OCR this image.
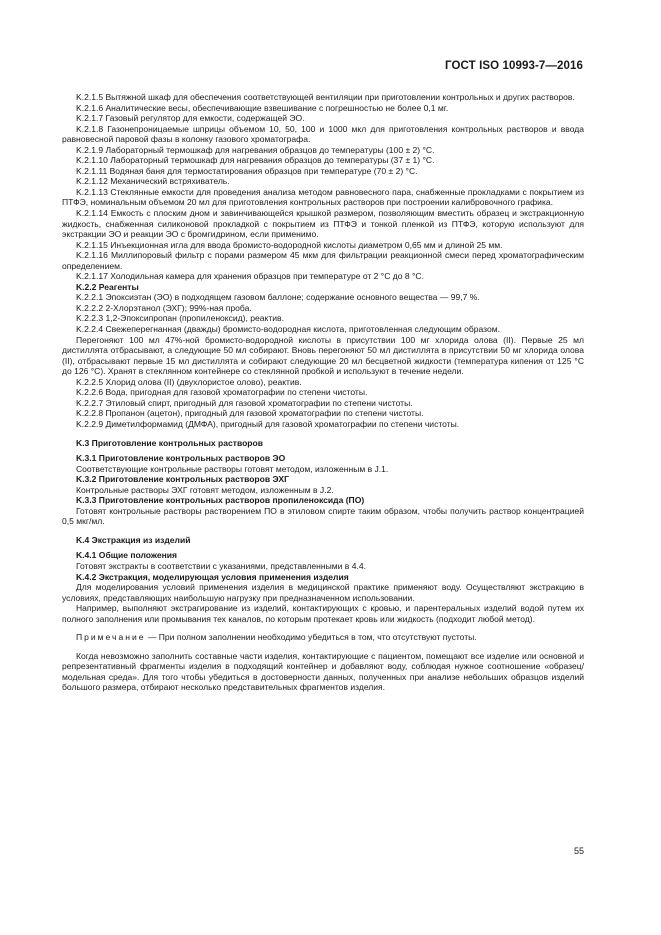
ГОСТ ISO 10993-7—2016

K.2.1.5 Вытяжной шкаф для обеспечения соответствующей вентиляции при приготовлении контрольных и других растворов.

K.2.1.6 Аналитические весы, обеспечивающие взвешивание с погрешностью не более 0,1 мг.

K.2.1.7 Газовый регулятор для емкости, содержащей ЭО.

K.2.1.8 Газонепроницаемые шприцы объемом 10, 50, 100 и 1000 мкл для приготовления контрольных растворов и ввода равновесной паровой фазы в колонку газового хроматографа.

K.2.1.9 Лабораторный термошкаф для нагревания образцов до температуры (100 ± 2) °С.

K.2.1.10 Лабораторный термошкаф для нагревания образцов до температуры (37 ± 1) °С.

K.2.1.11 Водяная баня для термостатирования образцов при температуре (70 ± 2) °С.

K.2.1.12 Механический встряхиватель.

K.2.1.13 Стеклянные емкости для проведения анализа методом равновесного пара, снабженные прокладками с покрытием из ПТФЭ, номинальным объемом 20 мл для приготовления контрольных растворов при построении калибровочного графика.

K.2.1.14 Емкость с плоским дном и завинчивающейся крышкой размером, позволяющим вместить образец и экстракционную жидкость, снабженная силиконовой прокладкой с покрытием из ПТФЭ и тонкой пленкой из ПТФЭ, которую используют для экстракции ЭО и реакции ЭО с бромгидрином, если применимо.

K.2.1.15 Инъекционная игла для ввода бромисто-водородной кислоты диаметром 0,65 мм и длиной 25 мм.

K.2.1.16 Миллипоровый фильтр с порами размером 45 мкм для фильтрации реакционной смеси перед хроматографическим определением.

K.2.1.17 Холодильная камера для хранения образцов при температуре от 2 °С до 8 °С.

K.2.2 Реагенты

K.2.2.1 Эпоксиэтан (ЭО) в подходящем газовом баллоне; содержание основного вещества — 99,7 %.

K.2.2.2 2-Хлорэтанол (ЭХГ); 99%-ная проба.

K.2.2.3 1,2-Эпоксипропан (пропиленоксид), реактив.

K.2.2.4 Свежеперегнанная (дважды) бромисто-водородная кислота, приготовленная следующим образом.

Перегоняют 100 мл 47%-ной бромисто-водородной кислоты в присутствии 100 мг хлорида олова (II). Первые 25 мл дистиллята отбрасывают, а следующие 50 мл собирают. Вновь перегоняют 50 мл дистиллята в присутствии 50 мг хлорида олова (II), отбрасывают первые 15 мл дистиллята и собирают следующие 20 мл бесцветной жидкости (температура кипения от 125 °С до 126 °С). Хранят в стеклянном контейнере со стеклянной пробкой и используют в течение недели.

K.2.2.5 Хлорид олова (II) (двухлористое олово), реактив.

K.2.2.6 Вода, пригодная для газовой хроматографии по степени чистоты.

K.2.2.7 Этиловый спирт, пригодный для газовой хроматографии по степени чистоты.

K.2.2.8 Пропанон (ацетон), пригодный для газовой хроматографии по степени чистоты.

K.2.2.9 Диметилформамид (ДМФА), пригодный для газовой хроматографии по степени чистоты.

K.3 Приготовление контрольных растворов

K.3.1 Приготовление контрольных растворов ЭО

Соответствующие контрольные растворы готовят методом, изложенным в J.1.

K.3.2 Приготовление контрольных растворов ЭХГ

Контрольные растворы ЭХГ готовят методом, изложенным в J.2.

K.3.3 Приготовление контрольных растворов пропиленоксида (ПО)

Готовят контрольные растворы растворением ПО в этиловом спирте таким образом, чтобы получить раствор концентрацией 0,5 мкг/мл.

K.4 Экстракция из изделий

K.4.1 Общие положения

Готовят экстракты в соответствии с указаниями, представленными в 4.4.

K.4.2 Экстракция, моделирующая условия применения изделия

Для моделирования условий применения изделия в медицинской практике применяют воду. Осуществляют экстракцию в условиях, представляющих наибольшую нагрузку при предназначенном использовании.

Например, выполняют экстрагирование из изделий, контактирующих с кровью, и парентеральных изделий водой путем их полного заполнения или промывания тех каналов, по которым протекает кровь или жидкость (подходит любой метод).

Примечание — При полном заполнении необходимо убедиться в том, что отсутствуют пустоты.

Когда невозможно заполнить составные части изделия, контактирующие с пациентом, помещают все изделие или основной и репрезентативный фрагменты изделия в подходящий контейнер и добавляют воду, соблюдая нужное соотношение «образец/модельная среда». Для того чтобы убедиться в достоверности данных, полученных при анализе небольших образцов изделий большого размера, отбирают несколько представительных фрагментов изделия.

55
